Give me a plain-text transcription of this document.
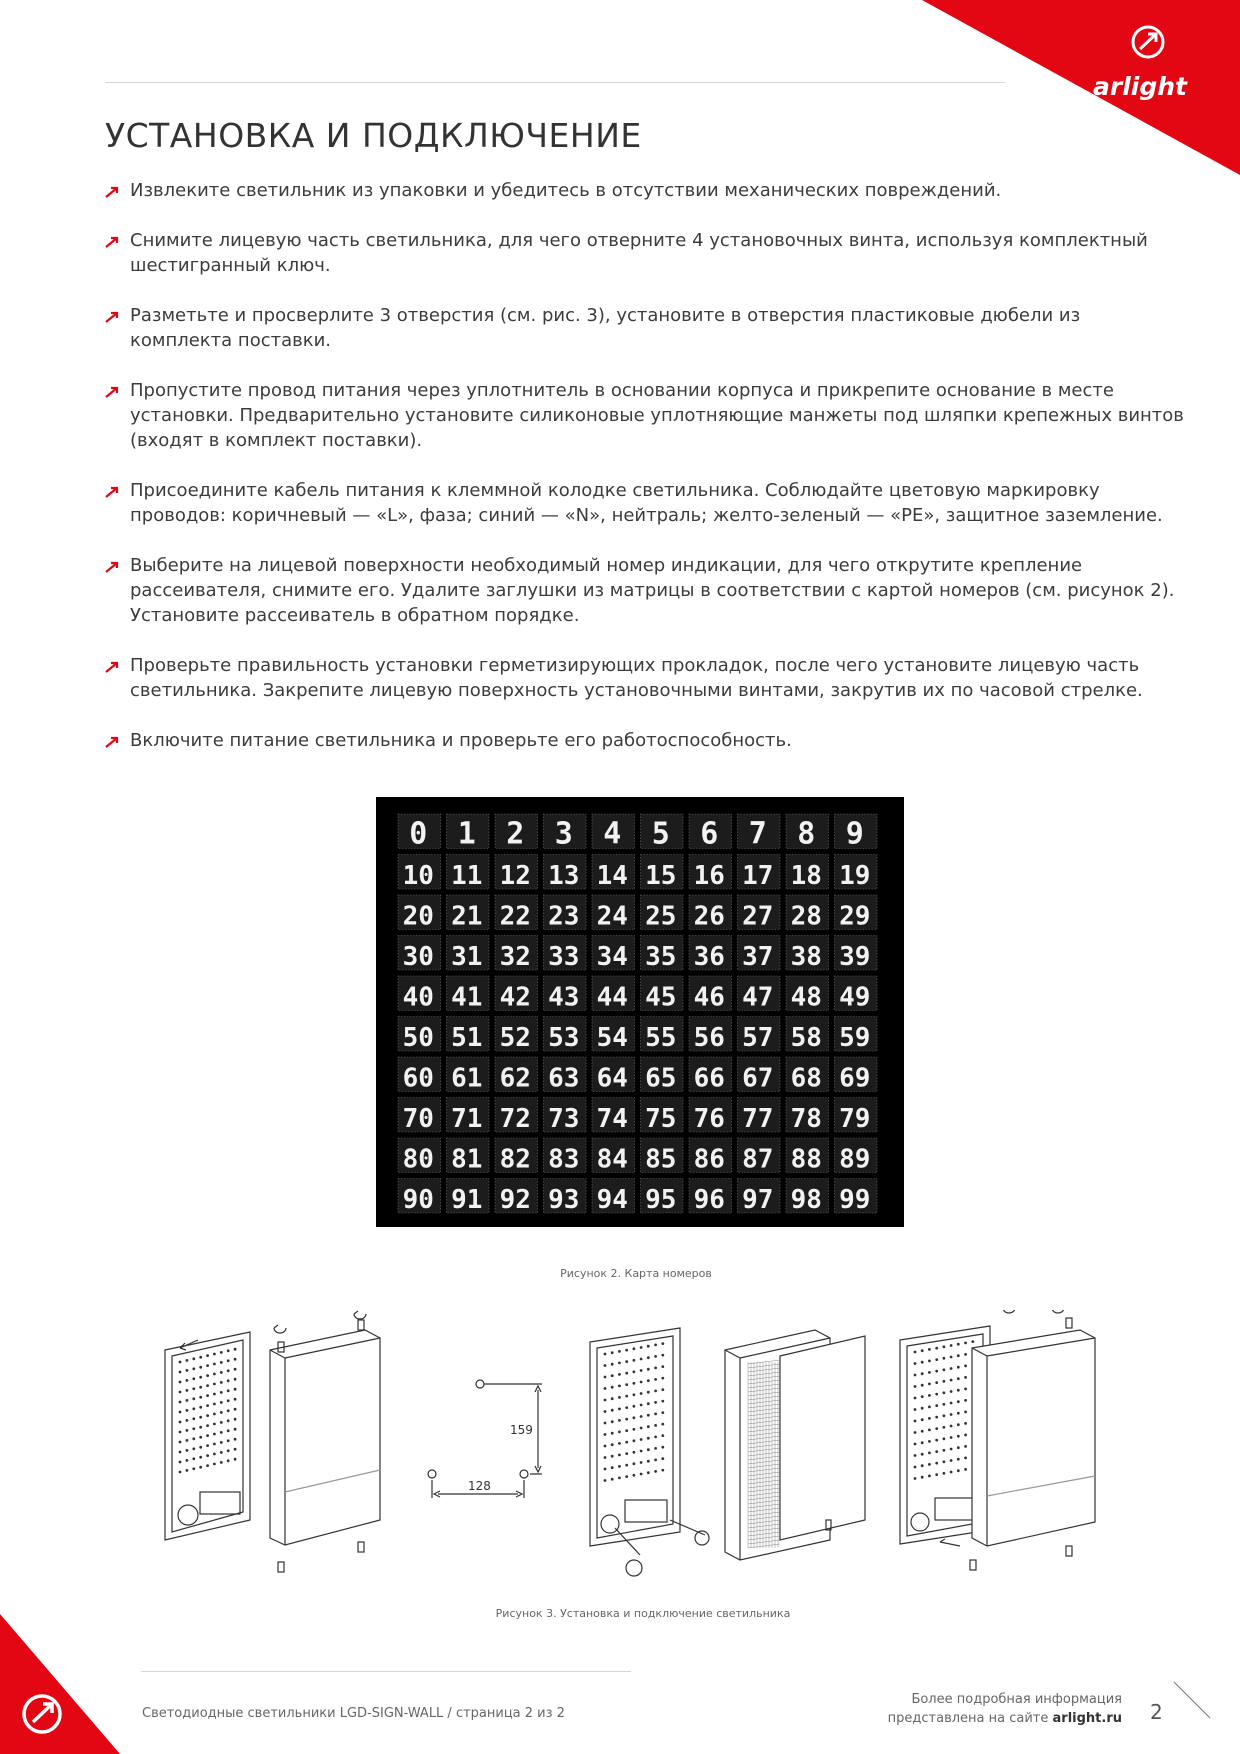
arlight
УСТАНОВКА И ПОДКЛЮЧЕНИЕ
Извлеките светильник из упаковки и убедитесь в отсутствии механических повреждений.
Снимите лицевую часть светильника, для чего отверните 4 установочных винта, используя комплектный шестигранный ключ.
Разметьте и просверлите 3 отверстия (см. рис. 3), установите в отверстия пластиковые дюбели из комплекта поставки.
Пропустите провод питания через уплотнитель в основании корпуса и прикрепите основание в месте установки. Предварительно установите силиконовые уплотняющие манжеты под шляпки крепежных винтов (входят в комплект поставки).
Присоедините кабель питания к клеммной колодке светильника. Соблюдайте цветовую маркировку проводов: коричневый — «L», фаза; синий — «N», нейтраль; желто-зеленый — «PE», защитное заземление.
Выберите на лицевой поверхности необходимый номер индикации, для чего открутите крепление рассеивателя, снимите его. Удалите заглушки из матрицы в соответствии с картой номеров (см. рисунок 2). Установите рассеиватель в обратном порядке.
Проверьте правильность установки герметизирующих прокладок, после чего установите лицевую часть светильника. Закрепите лицевую поверхность установочными винтами, закрутив их по часовой стрелке.
Включите питание светильника и проверьте его работоспособность.
0 1 2 3 4 5 6 7 8 9
10 11 12 13 14 15 16 17 18 19
20 21 22 23 24 25 26 27 28 29
30 31 32 33 34 35 36 37 38 39
40 41 42 43 44 45 46 47 48 49
50 51 52 53 54 55 56 57 58 59
60 61 62 63 64 65 66 67 68 69
70 71 72 73 74 75 76 77 78 79
80 81 82 83 84 85 86 87 88 89
90 91 92 93 94 95 96 97 98 99
Рисунок 2. Карта номеров
159
128
Рисунок 3. Установка и подключение светильника
Светодиодные светильники LGD-SIGN-WALL / страница 2 из 2
Более подробная информация
представлена на сайте arlight.ru 2
